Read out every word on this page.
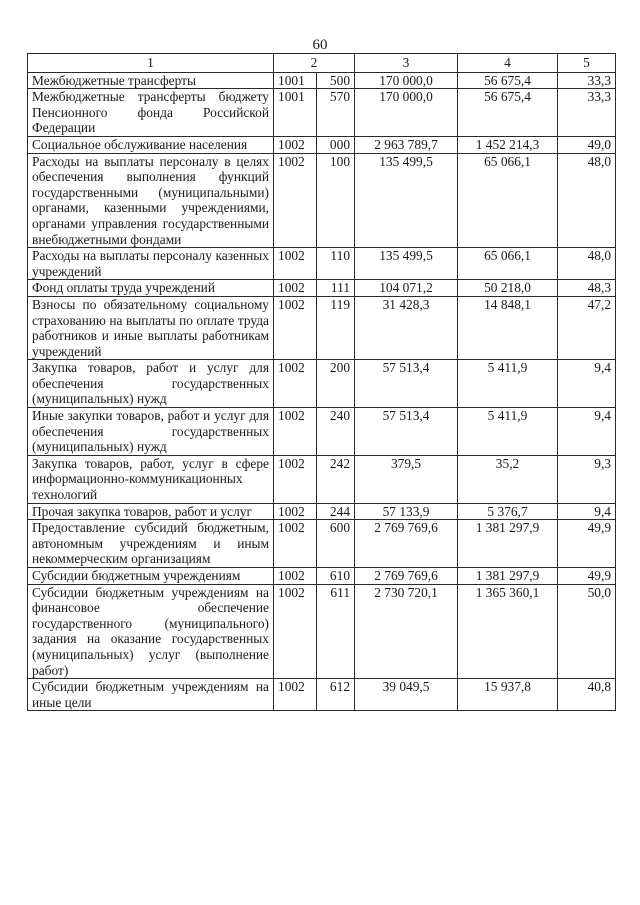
60
1	2		3	4	5
Межбюджетные трансферты	1001	500	170 000,0	56 675,4	33,3
Межбюджетные трансферты бюджету Пенсионного фонда Российской Федерации	1001	570	170 000,0	56 675,4	33,3
Социальное обслуживание населения	1002	000	2 963 789,7	1 452 214,3	49,0
Расходы на выплаты персоналу в целях обеспечения выполнения функций государственными (муниципальными) органами, казенными учреждениями, органами управления государственными внебюджетными фондами	1002	100	135 499,5	65 066,1	48,0
Расходы на выплаты персоналу казенных учреждений	1002	110	135 499,5	65 066,1	48,0
Фонд оплаты труда учреждений	1002	111	104 071,2	50 218,0	48,3
Взносы по обязательному социальному страхованию на выплаты по оплате труда работников и иные выплаты работникам учреждений	1002	119	31 428,3	14 848,1	47,2
Закупка товаров, работ и услуг для обеспечения государственных (муниципальных) нужд	1002	200	57 513,4	5 411,9	9,4
Иные закупки товаров, работ и услуг для обеспечения государственных (муниципальных) нужд	1002	240	57 513,4	5 411,9	9,4
Закупка товаров, работ, услуг в сфере информационно-коммуникационных технологий	1002	242	379,5	35,2	9,3
Прочая закупка товаров, работ и услуг	1002	244	57 133,9	5 376,7	9,4
Предоставление субсидий бюджетным, автономным учреждениям и иным некоммерческим организациям	1002	600	2 769 769,6	1 381 297,9	49,9
Субсидии бюджетным учреждениям	1002	610	2 769 769,6	1 381 297,9	49,9
Субсидии бюджетным учреждениям на финансовое обеспечение государственного (муниципального) задания на оказание государственных (муниципальных) услуг (выполнение работ)	1002	611	2 730 720,1	1 365 360,1	50,0
Субсидии бюджетным учреждениям на иные цели	1002	612	39 049,5	15 937,8	40,8
